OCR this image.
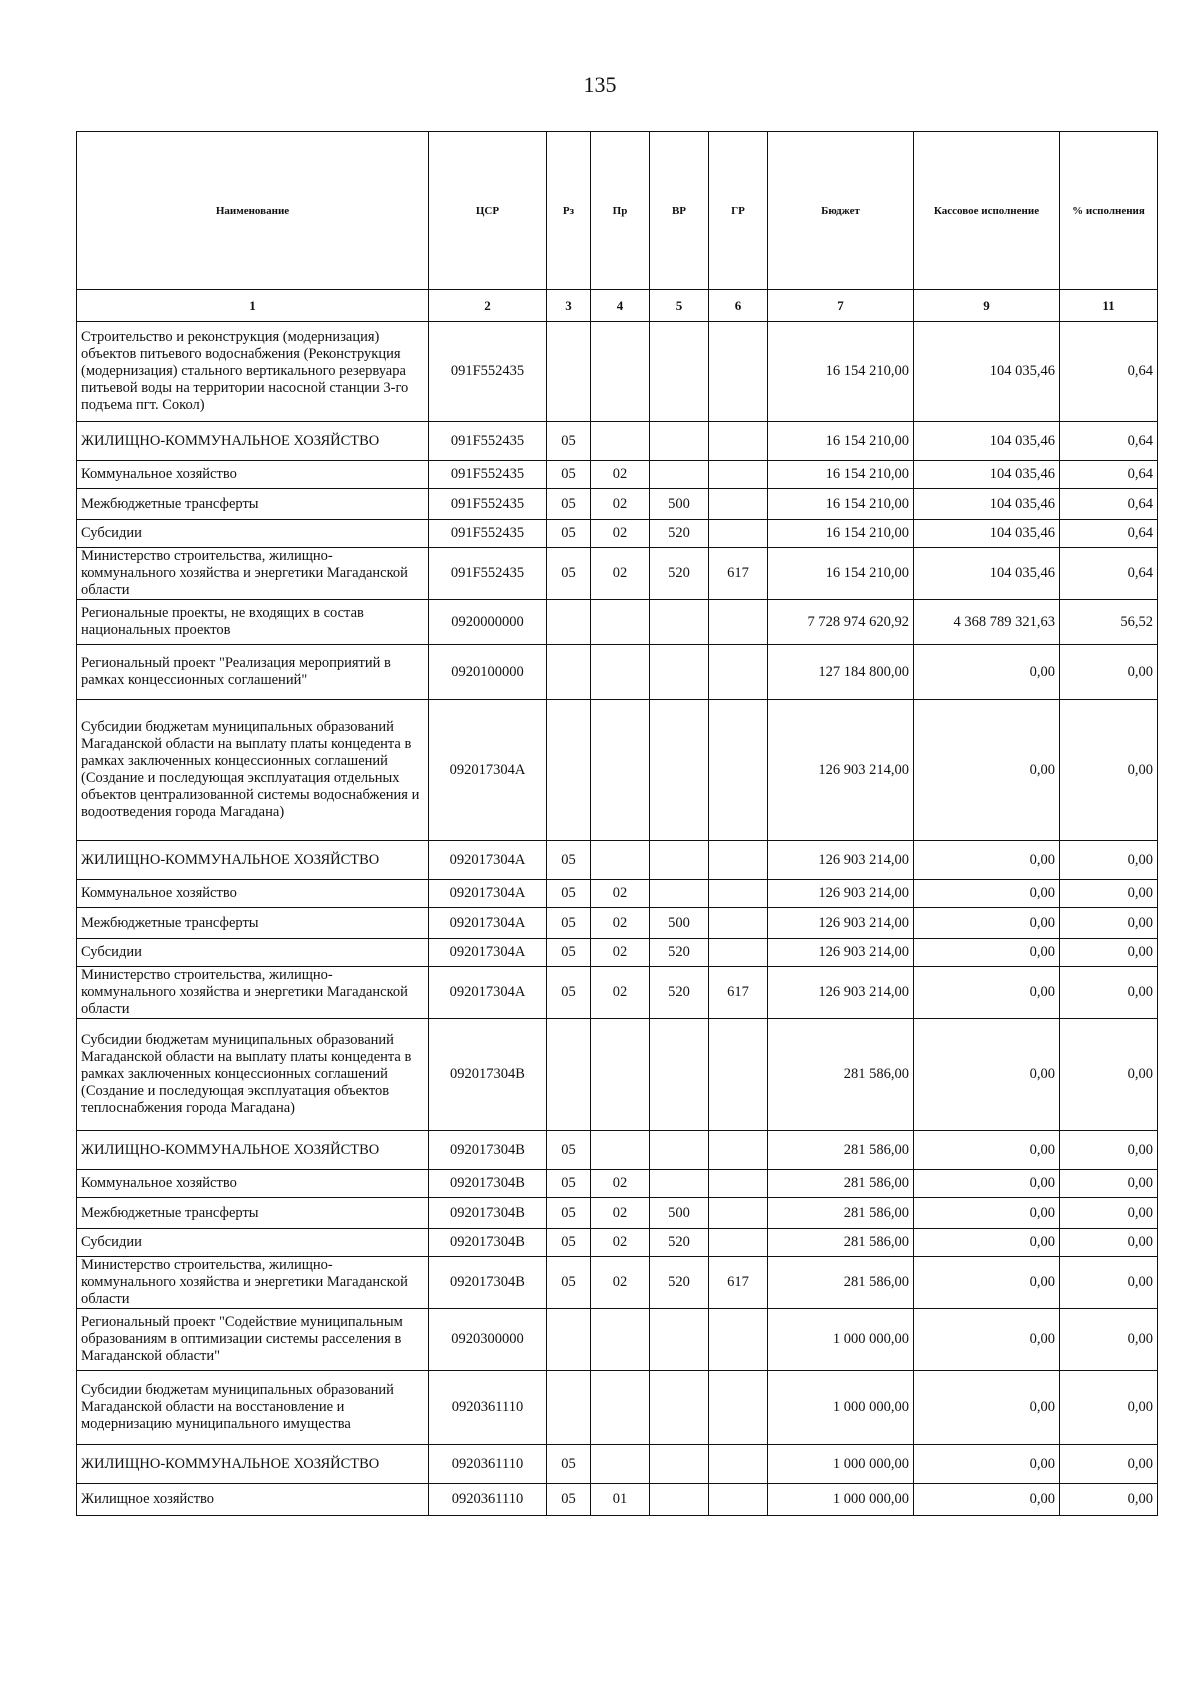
135
Наименование	ЦСР	Рз	Пр	ВР	ГР	Бюджет	Кассовое исполнение	% исполнения
1	2	3	4	5	6	7	9	11
Строительство и реконструкция (модернизация) объектов питьевого водоснабжения (Реконструкция (модернизация) стального вертикального резервуара питьевой воды на территории насосной станции 3-го подъема пгт. Сокол)	091F552435					16 154 210,00	104 035,46	0,64
ЖИЛИЩНО-КОММУНАЛЬНОЕ ХОЗЯЙСТВО	091F552435	05				16 154 210,00	104 035,46	0,64
Коммунальное хозяйство	091F552435	05	02			16 154 210,00	104 035,46	0,64
Межбюджетные трансферты	091F552435	05	02	500		16 154 210,00	104 035,46	0,64
Субсидии	091F552435	05	02	520		16 154 210,00	104 035,46	0,64
Министерство строительства, жилищно-коммунального хозяйства и энергетики Магаданской области	091F552435	05	02	520	617	16 154 210,00	104 035,46	0,64
Региональные проекты, не входящих в состав национальных проектов	0920000000					7 728 974 620,92	4 368 789 321,63	56,52
Региональный проект "Реализация мероприятий в рамках концессионных соглашений"	0920100000					127 184 800,00	0,00	0,00
Субсидии бюджетам муниципальных образований Магаданской области на выплату платы концедента в рамках заключенных концессионных соглашений (Создание и последующая эксплуатация отдельных объектов централизованной системы водоснабжения и водоотведения города Магадана)	092017304А					126 903 214,00	0,00	0,00
ЖИЛИЩНО-КОММУНАЛЬНОЕ ХОЗЯЙСТВО	092017304А	05				126 903 214,00	0,00	0,00
Коммунальное хозяйство	092017304А	05	02			126 903 214,00	0,00	0,00
Межбюджетные трансферты	092017304А	05	02	500		126 903 214,00	0,00	0,00
Субсидии	092017304А	05	02	520		126 903 214,00	0,00	0,00
Министерство строительства, жилищно-коммунального хозяйства и энергетики Магаданской области	092017304А	05	02	520	617	126 903 214,00	0,00	0,00
Субсидии бюджетам муниципальных образований Магаданской области на выплату платы концедента в рамках заключенных концессионных соглашений (Создание и последующая эксплуатация объектов теплоснабжения города Магадана)	092017304В					281 586,00	0,00	0,00
ЖИЛИЩНО-КОММУНАЛЬНОЕ ХОЗЯЙСТВО	092017304В	05				281 586,00	0,00	0,00
Коммунальное хозяйство	092017304В	05	02			281 586,00	0,00	0,00
Межбюджетные трансферты	092017304В	05	02	500		281 586,00	0,00	0,00
Субсидии	092017304В	05	02	520		281 586,00	0,00	0,00
Министерство строительства, жилищно-коммунального хозяйства и энергетики Магаданской области	092017304В	05	02	520	617	281 586,00	0,00	0,00
Региональный проект "Содействие муниципальным образованиям в оптимизации системы расселения в Магаданской области"	0920300000					1 000 000,00	0,00	0,00
Субсидии бюджетам муниципальных образований Магаданской области на восстановление и модернизацию муниципального имущества	0920361110					1 000 000,00	0,00	0,00
ЖИЛИЩНО-КОММУНАЛЬНОЕ ХОЗЯЙСТВО	0920361110	05				1 000 000,00	0,00	0,00
Жилищное хозяйство	0920361110	05	01			1 000 000,00	0,00	0,00
